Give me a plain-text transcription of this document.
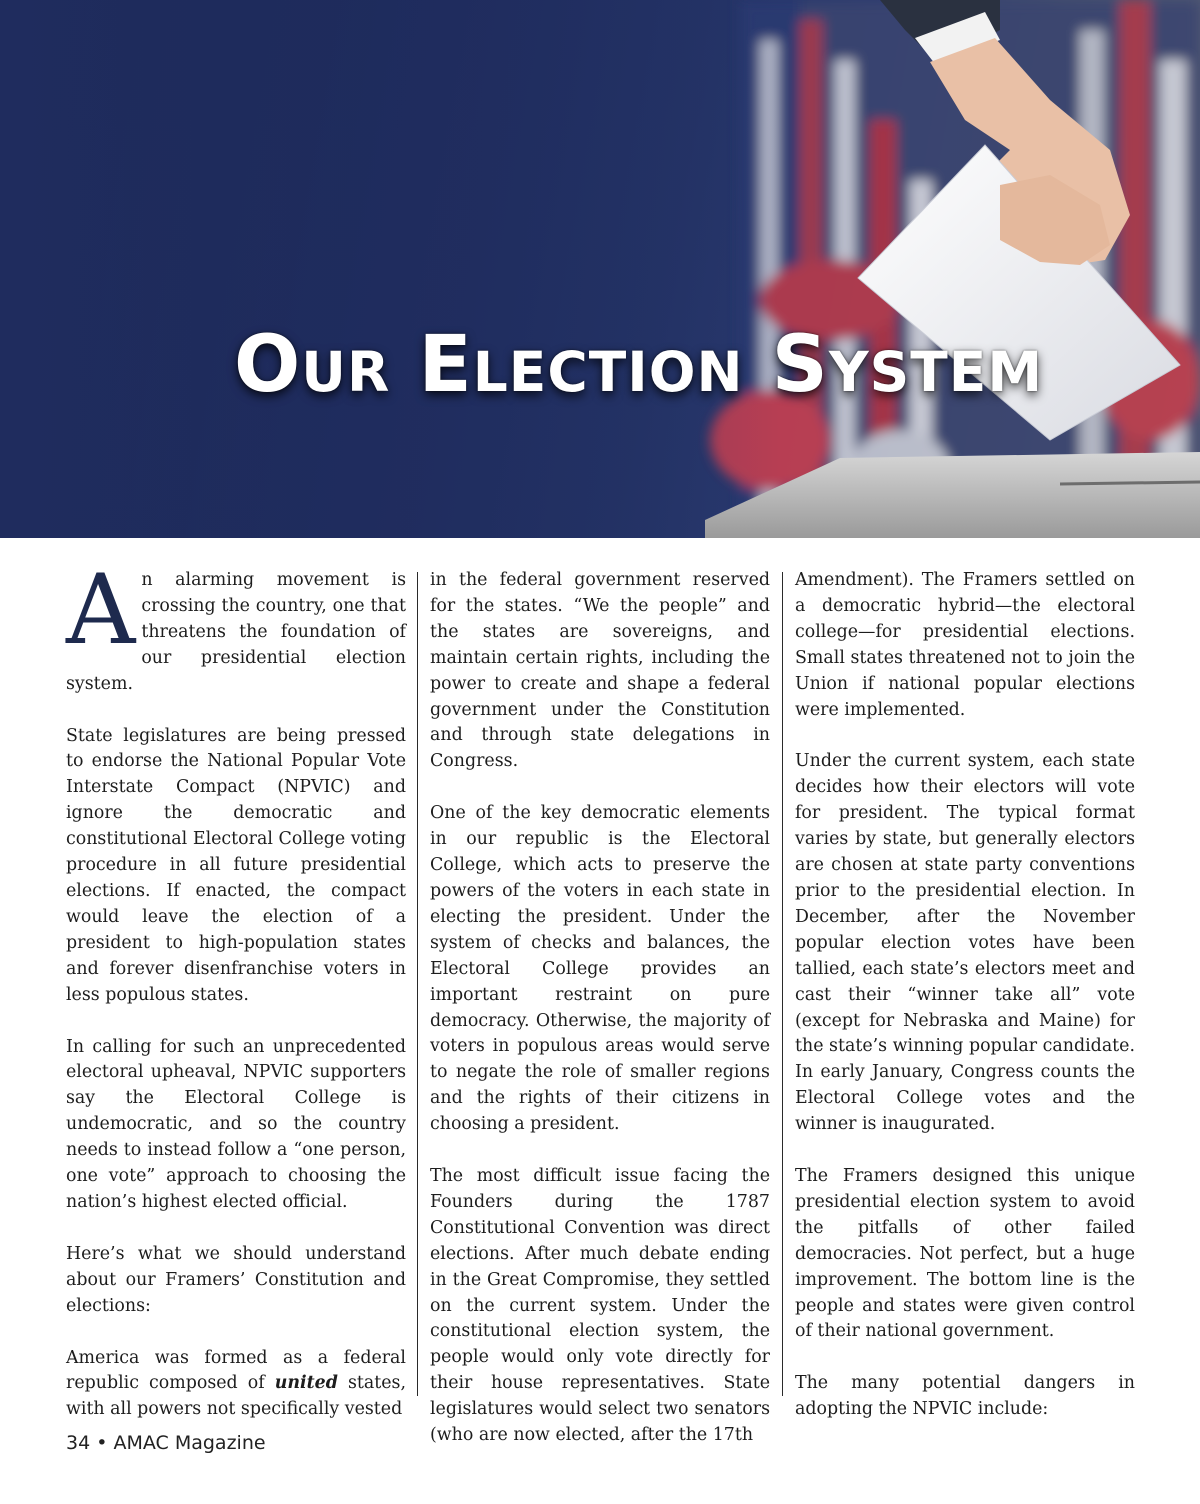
Our Election System

An alarming movement is crossing the country, one that threatens the foundation of our presidential election system.

State legislatures are being pressed to endorse the National Popular Vote Interstate Compact (NPVIC) and ignore the democratic and constitutional Electoral College voting procedure in all future presidential elections. If enacted, the compact would leave the election of a president to high-population states and forever disenfranchise voters in less populous states.

In calling for such an unprecedented electoral upheaval, NPVIC supporters say the Electoral College is undemocratic, and so the country needs to instead follow a “one person, one vote” approach to choosing the nation’s highest elected official.

Here’s what we should understand about our Framers’ Constitution and elections:

America was formed as a federal republic composed of united states, with all powers not specifically vested

in the federal government reserved for the states. “We the people” and the states are sovereigns, and maintain certain rights, including the power to create and shape a federal government under the Constitution and through state delegations in Congress.

One of the key democratic elements in our republic is the Electoral College, which acts to preserve the powers of the voters in each state in electing the president. Under the system of checks and balances, the Electoral College provides an important restraint on pure democracy. Otherwise, the majority of voters in populous areas would serve to negate the role of smaller regions and the rights of their citizens in choosing a president.

The most difficult issue facing the Founders during the 1787 Constitutional Convention was direct elections. After much debate ending in the Great Compromise, they settled on the current system. Under the constitutional election system, the people would only vote directly for their house representatives. State legislatures would select two senators (who are now elected, after the 17th

Amendment). The Framers settled on a democratic hybrid—the electoral college—for presidential elections. Small states threatened not to join the Union if national popular elections were implemented.

Under the current system, each state decides how their electors will vote for president. The typical format varies by state, but generally electors are chosen at state party conventions prior to the presidential election. In December, after the November popular election votes have been tallied, each state’s electors meet and cast their “winner take all” vote (except for Nebraska and Maine) for the state’s winning popular candidate. In early January, Congress counts the Electoral College votes and the winner is inaugurated.

The Framers designed this unique presidential election system to avoid the pitfalls of other failed democracies. Not perfect, but a huge improvement. The bottom line is the people and states were given control of their national government.

The many potential dangers in adopting the NPVIC include:

34 • AMAC Magazine
